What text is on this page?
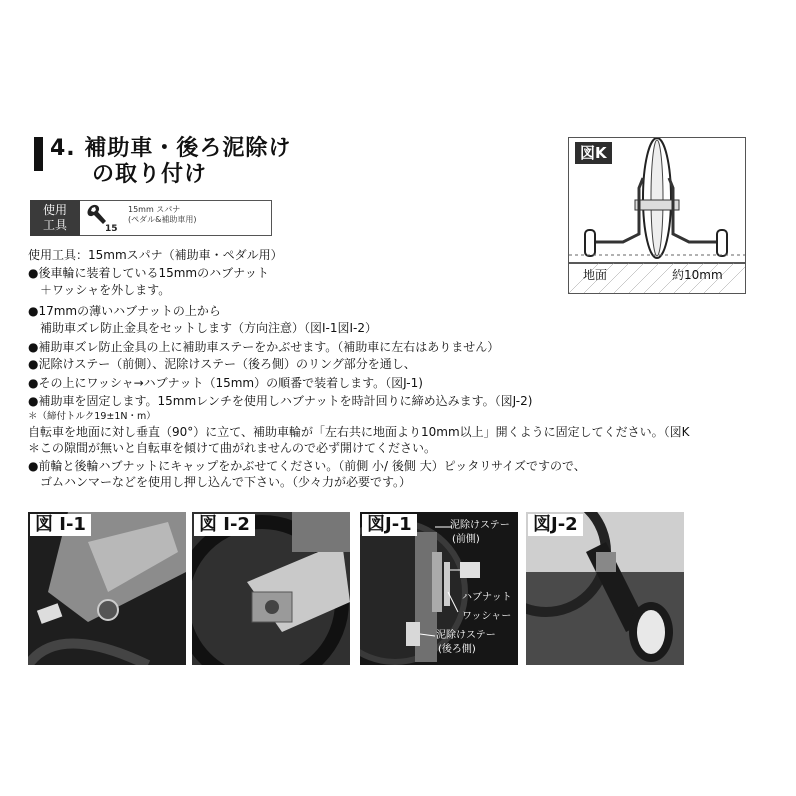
4. 補助車・後ろ泥除け
の取り付け
使用
工具	15
15mm スパナ
(ペダル&補助車用)
使用工具：15mmスパナ（補助車・ペダル用）
●後車輪に装着している15mmのハブナット
　＋ワッシャを外します。
●17mmの薄いハブナットの上から
　補助車ズレ防止金具をセットします（方向注意）（図I-1図I-2）
●補助車ズレ防止金具の上に補助車ステーをかぶせます。（補助車に左右はありません）
●泥除けステー（前側）、泥除けステー（後ろ側）のリング部分を通し、
●その上にワッシャ→ハブナット（15mm）の順番で装着します。（図J-1)
●補助車を固定します。15mmレンチを使用しハブナットを時計回りに締め込みます。（図J-2)
＊（締付トルク19±1N・m）
自転車を地面に対し垂直（90°）に立て、補助車輪が「左右共に地面より10mm以上」開くように固定してください。（図K
＊この隙間が無いと自転車を傾けて曲がれませんので必ず開けてください。
●前輪と後輪ハブナットにキャップをかぶせてください。（前側 小/ 後側 大）ピッタリサイズですので、
　ゴムハンマーなどを使用し押し込んで下さい。（少々力が必要です。）
図K
地面	約10mm
図 I-1	図 I-2	図J-1	泥除けステー
(前側)
ハブナット
ワッシャー
泥除けステー
(後ろ側)
図J-2
